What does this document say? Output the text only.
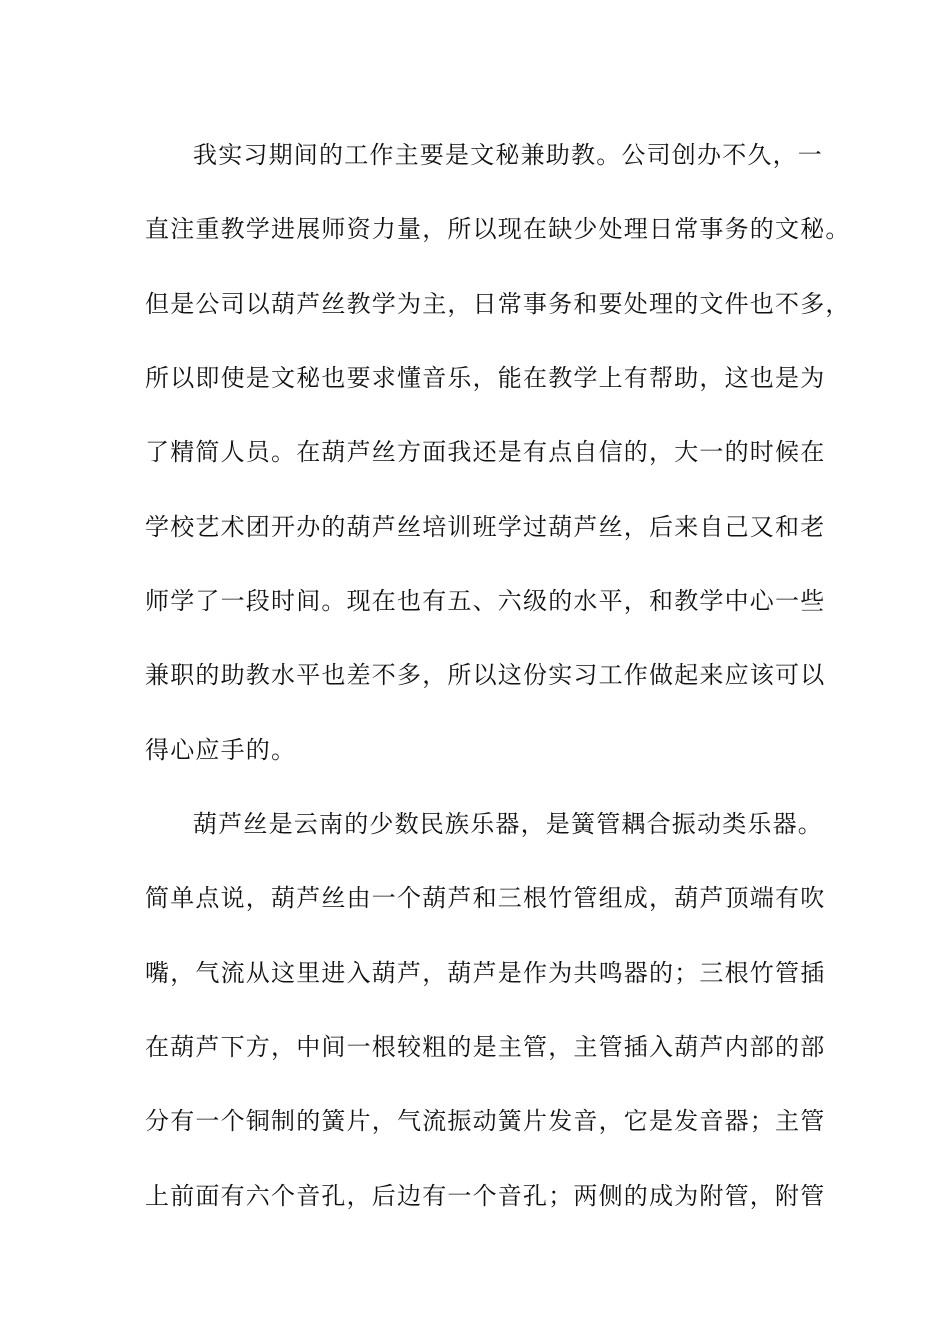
我实习期间的工作主要是文秘兼助教。公司创办不久，一
直注重教学进展师资力量，所以现在缺少处理日常事务的文秘。
但是公司以葫芦丝教学为主，日常事务和要处理的文件也不多，
所以即使是文秘也要求懂音乐，能在教学上有帮助，这也是为
了精简人员。在葫芦丝方面我还是有点自信的，大一的时候在
学校艺术团开办的葫芦丝培训班学过葫芦丝，后来自己又和老
师学了一段时间。现在也有五、六级的水平，和教学中心一些
兼职的助教水平也差不多，所以这份实习工作做起来应该可以
得心应手的。
葫芦丝是云南的少数民族乐器，是簧管耦合振动类乐器。
简单点说，葫芦丝由一个葫芦和三根竹管组成，葫芦顶端有吹
嘴，气流从这里进入葫芦，葫芦是作为共鸣器的；三根竹管插
在葫芦下方，中间一根较粗的是主管，主管插入葫芦内部的部
分有一个铜制的簧片，气流振动簧片发音，它是发音器；主管
上前面有六个音孔，后边有一个音孔；两侧的成为附管，附管
